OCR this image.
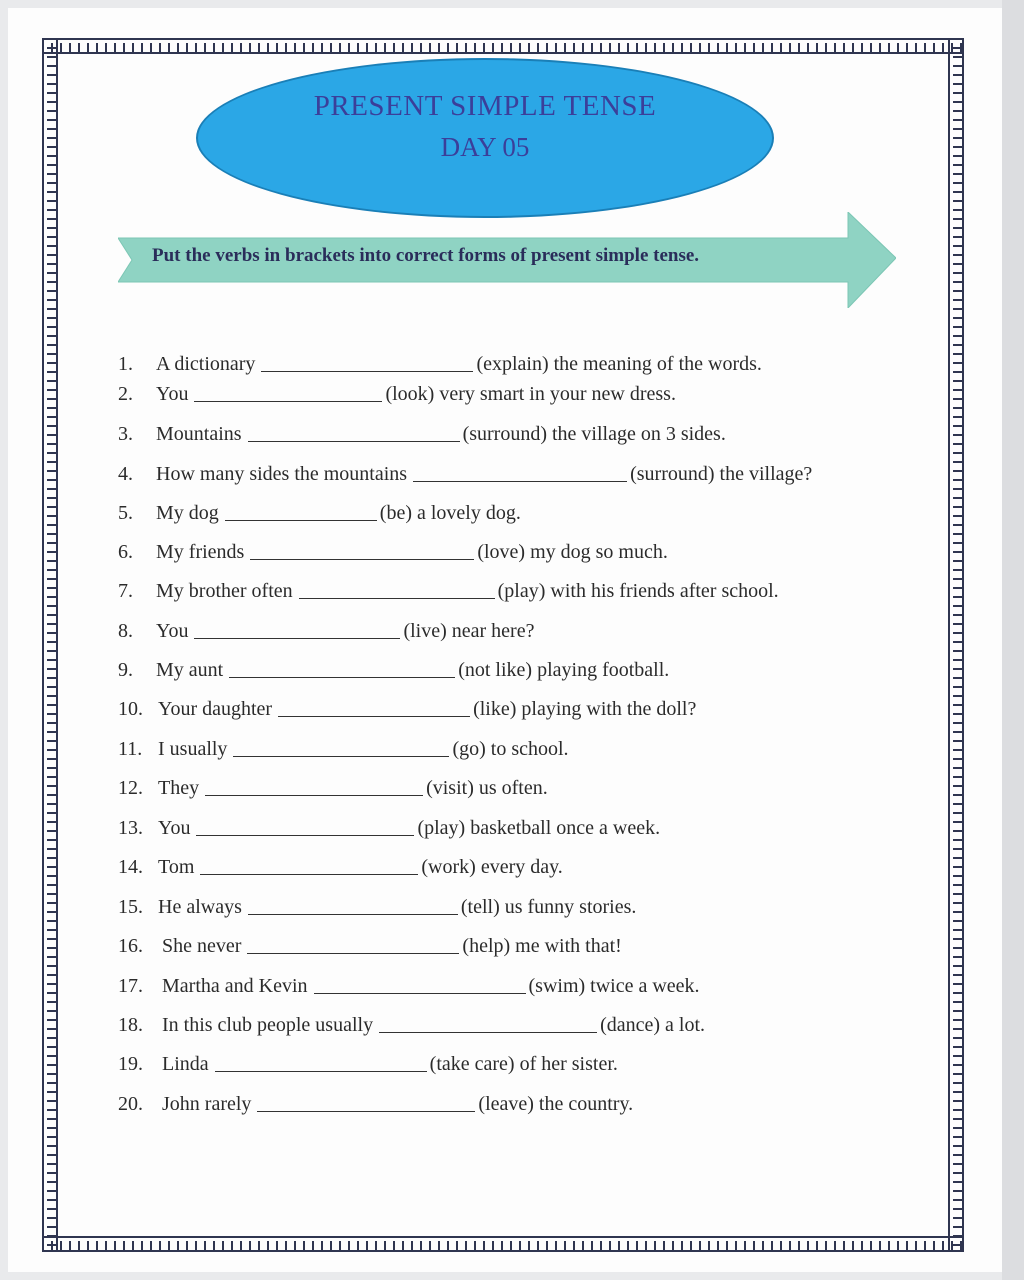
PRESENT SIMPLE TENSE
DAY 05
Put the verbs in brackets into correct forms of present simple tense.
1.	A dictionary	(explain) the meaning of the words.
2.	You	(look) very smart in your new dress.
3.	Mountains	(surround) the village on 3 sides.
4.	How many sides the mountains	(surround) the village?
5.	My dog	(be) a lovely dog.
6.	My friends	(love) my dog so much.
7.	My brother often	(play) with his friends after school.
8.	You	(live) near here?
9.	My aunt	(not like) playing football.
10. Your daughter	(like) playing with the doll?
11. I usually	(go) to school.
12. They	(visit) us often.
13. You	(play) basketball once a week.
14. Tom	(work) every day.
15. He always	(tell) us funny stories.
16. She never	(help) me with that!
17. Martha and Kevin	(swim) twice a week.
18. In this club people usually	(dance) a lot.
19. Linda	(take care) of her sister.
20. John rarely	(leave) the country.
